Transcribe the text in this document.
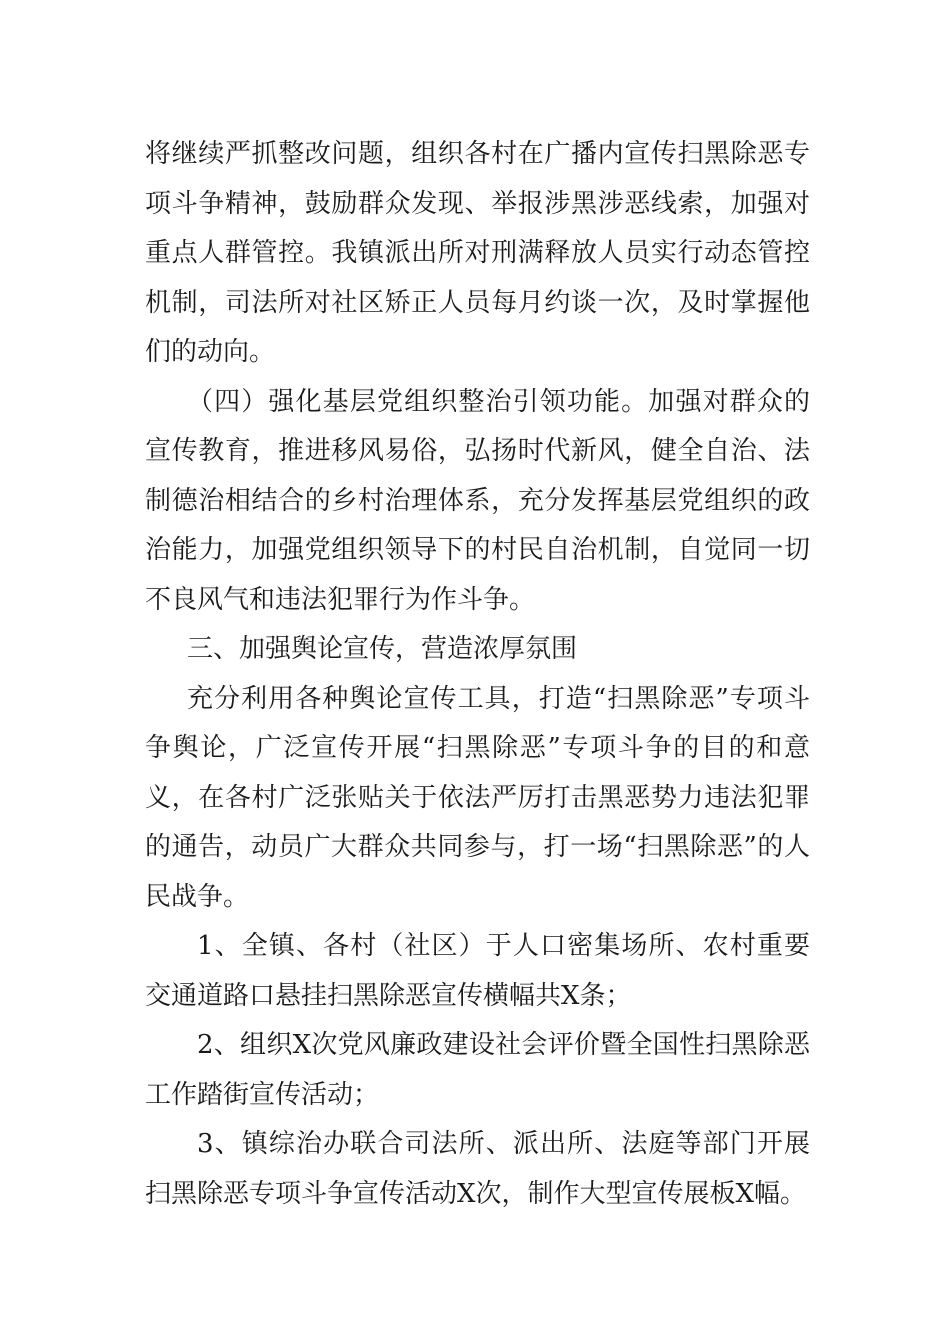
将继续严抓整改问题，组织各村在广播内宣传扫黑除恶专项斗争精神，鼓励群众发现、举报涉黑涉恶线索，加强对重点人群管控。我镇派出所对刑满释放人员实行动态管控机制，司法所对社区矫正人员每月约谈一次，及时掌握他们的动向。

（四）强化基层党组织整治引领功能。加强对群众的宣传教育，推进移风易俗，弘扬时代新风，健全自治、法制德治相结合的乡村治理体系，充分发挥基层党组织的政治能力，加强党组织领导下的村民自治机制，自觉同一切不良风气和违法犯罪行为作斗争。

三、加强舆论宣传，营造浓厚氛围

充分利用各种舆论宣传工具，打造“扫黑除恶”专项斗争舆论，广泛宣传开展“扫黑除恶”专项斗争的目的和意义，在各村广泛张贴关于依法严厉打击黑恶势力违法犯罪的通告，动员广大群众共同参与，打一场“扫黑除恶”的人民战争。

1、全镇、各村（社区）于人口密集场所、农村重要交通道路口悬挂扫黑除恶宣传横幅共X条；

2、组织X次党风廉政建设社会评价暨全国性扫黑除恶工作踏街宣传活动；

3、镇综治办联合司法所、派出所、法庭等部门开展扫黑除恶专项斗争宣传活动X次，制作大型宣传展板X幅。
